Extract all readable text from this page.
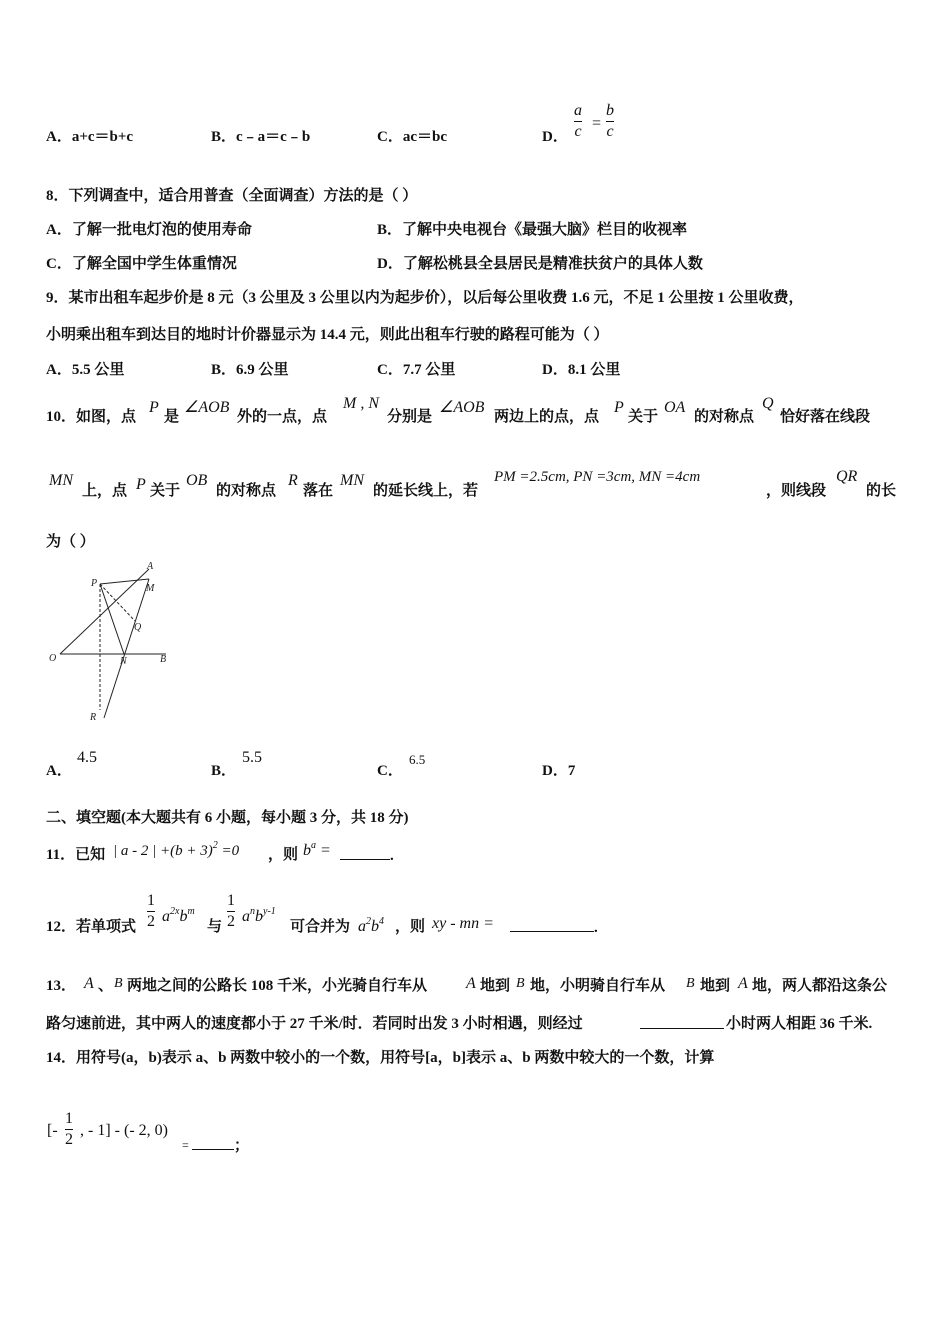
A．a+c＝b+c	B．c﹣a＝c﹣b	C．ac＝bc	D．
a
c =
b
c
8．下列调查中，适合用普查（全面调查）方法的是（ ）
A．了解一批电灯泡的使用寿命	B．了解中央电视台《最强大脑》栏目的收视率
C．了解全国中学生体重情况	D．了解松桃县全县居民是精准扶贫户的具体人数
9．某市出租车起步价是 8 元（3 公里及 3 公里以内为起步价），以后每公里收费 1.6 元，不足 1 公里按 1 公里收费，
小明乘出租车到达目的地时计价器显示为 14.4 元，则此出租车行驶的路程可能为（ ）
A．5.5 公里	B．6.9 公里	C．7.7 公里	D．8.1 公里
10．如图，点
P
是
∠AOB
外的一点，点
M , N
分别是
∠AOB
两边上的点，点
P
关于
OA
的对称点
Q
恰好落在线段
MN
上，点 P 关于
OB
的对称点
R
落在
MN
的延长线上，若
PM =2.5cm, PN =3cm, MN =4cm
，则线段
QR
的长
为（ ）
A
M
P
Q
O	N	B
R
A．
4.5
B．
5.5
C．
6.5
D．7
二、填空题(本大题共有 6 小题，每小题 3 分，共 18 分)
11．已知 | a - 2 | $+(b + 3)^2 =0$ ，则 $b^a$ =	.
12．若单项式
1
2 $a^{2x}b^m$
与
1
2 $a^nb^{y-1}$
可合并为 $a^2b^4$ ，则 xy - mn =	.
13． A 、 B 两地之间的公路长 108 千米，小光骑自行车从 A 地到 B 地，小明骑自行车从 B 地到 A 地，两人都沿这条公
路匀速前进，其中两人的速度都小于 27 千米/时．若同时出发 3 小时相遇，则经过	小时两人相距 36 千米.
14．用符号(a，b)表示 a、b 两数中较小的一个数，用符号[a，b]表示 a、b 两数中较大的一个数，计算
[-
1
2
, - 1] - (- 2, 0)
=	；
